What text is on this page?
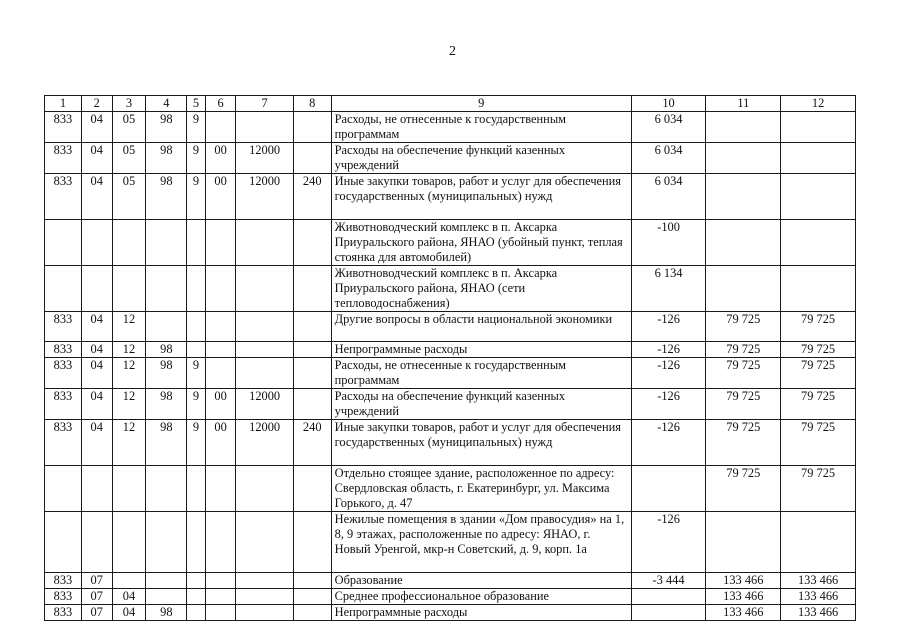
2
1	2	3	4	5	6	7	8	9	10	11	12
833	04	05	98	9				Расходы, не отнесенные к государственным программам	6 034		
833	04	05	98	9	00	12000		Расходы на обеспечение функций казенных учреждений	6 034		
833	04	05	98	9	00	12000	240	Иные закупки товаров, работ и услуг для обеспечения государственных (муниципальных) нужд	6 034		
								Животноводческий комплекс в п. Аксарка Приуральского района, ЯНАО (убойный пункт, теплая стоянка для автомобилей)	-100		
								Животноводческий комплекс в п. Аксарка Приуральского района, ЯНАО (сети тепловодоснабжения)	6 134		
833	04	12						Другие вопросы в области национальной экономики	-126	79 725	79 725
833	04	12	98					Непрограммные расходы	-126	79 725	79 725
833	04	12	98	9				Расходы, не отнесенные к государственным программам	-126	79 725	79 725
833	04	12	98	9	00	12000		Расходы на обеспечение функций казенных учреждений	-126	79 725	79 725
833	04	12	98	9	00	12000	240	Иные закупки товаров, работ и услуг для обеспечения государственных (муниципальных) нужд	-126	79 725	79 725
								Отдельно стоящее здание, расположенное по адресу: Свердловская область, г. Екатеринбург, ул. Максима Горького, д. 47		79 725	79 725
								Нежилые помещения в здании «Дом правосудия» на 1, 8, 9 этажах, расположенные по адресу: ЯНАО, г. Новый Уренгой, мкр-н Советский, д. 9, корп. 1а	-126		
833	07							Образование	-3 444	133 466	133 466
833	07	04						Среднее профессиональное образование		133 466	133 466
833	07	04	98					Непрограммные расходы		133 466	133 466
